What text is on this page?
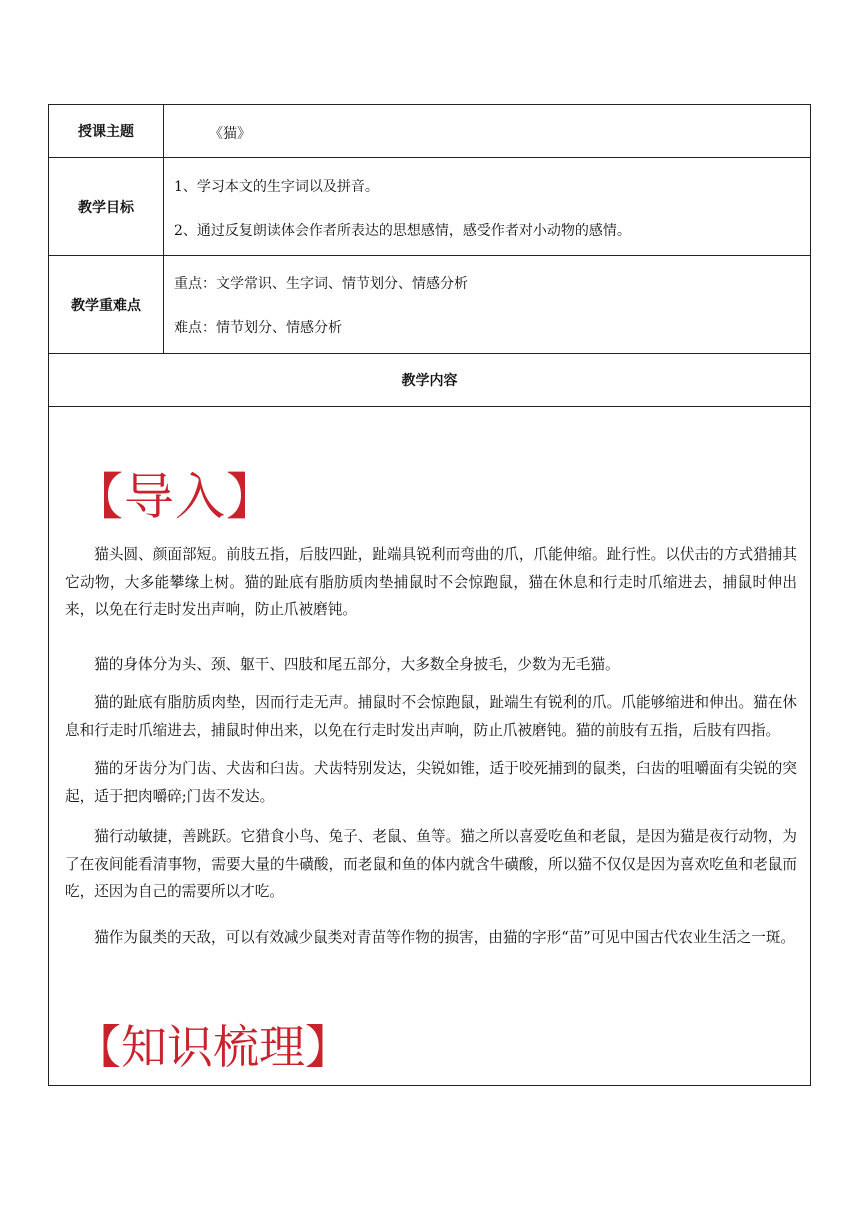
授课主题	《猫》
教学目标
1、学习本文的生字词以及拼音。
2、通过反复朗读体会作者所表达的思想感情，感受作者对小动物的感情。
教学重难点
重点：文学常识、生字词、情节划分、情感分析
难点：情节划分、情感分析
教学内容
【导入】

猫头圆、颜面部短。前肢五指，后肢四趾，趾端具锐利而弯曲的爪，爪能伸缩。趾行性。以伏击的方式猎捕其它动物，大多能攀缘上树。猫的趾底有脂肪质肉垫捕鼠时不会惊跑鼠，猫在休息和行走时爪缩进去，捕鼠时伸出来，以免在行走时发出声响，防止爪被磨钝。

猫的身体分为头、颈、躯干、四肢和尾五部分，大多数全身披毛，少数为无毛猫。

猫的趾底有脂肪质肉垫，因而行走无声。捕鼠时不会惊跑鼠，趾端生有锐利的爪。爪能够缩进和伸出。猫在休息和行走时爪缩进去，捕鼠时伸出来，以免在行走时发出声响，防止爪被磨钝。猫的前肢有五指，后肢有四指。

猫的牙齿分为门齿、犬齿和臼齿。犬齿特别发达，尖锐如锥，适于咬死捕到的鼠类，臼齿的咀嚼面有尖锐的突起，适于把肉嚼碎;门齿不发达。

猫行动敏捷，善跳跃。它猎食小鸟、兔子、老鼠、鱼等。猫之所以喜爱吃鱼和老鼠，是因为猫是夜行动物，为了在夜间能看清事物，需要大量的牛磺酸，而老鼠和鱼的体内就含牛磺酸，所以猫不仅仅是因为喜欢吃鱼和老鼠而吃，还因为自己的需要所以才吃。

猫作为鼠类的天敌，可以有效减少鼠类对青苗等作物的损害，由猫的字形“苗”可见中国古代农业生活之一斑。

【知识梳理】
